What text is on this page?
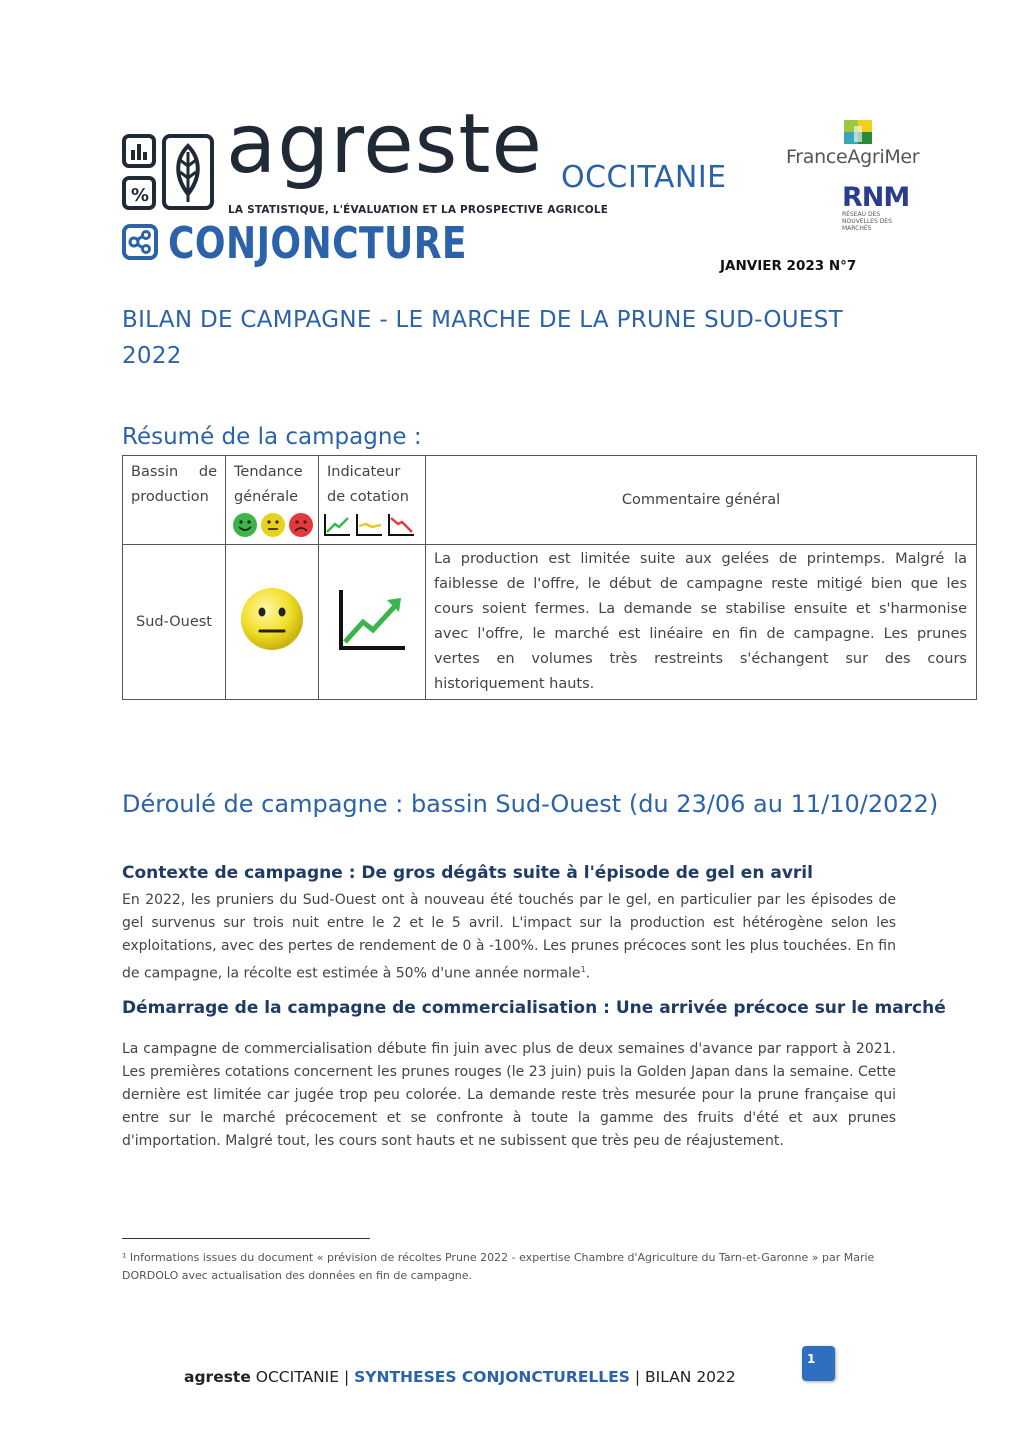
%
agreste
LA STATISTIQUE, L'ÉVALUATION ET LA PROSPECTIVE AGRICOLE
OCCITANIE
CONJONCTURE
FranceAgriMer
RNM
RÉSEAU DES NOUVELLES DES MARCHÉS
JANVIER 2023 N°7
BILAN DE CAMPAGNE - LE MARCHE DE LA PRUNE SUD-OUEST 2022
Résumé de la campagne :
Bassin de production	Tendance générale	Indicateur de cotation	Commentaire général
Sud-Ouest			La production est limitée suite aux gelées de printemps. Malgré la faiblesse de l'offre, le début de campagne reste mitigé bien que les cours soient fermes. La demande se stabilise ensuite et s'harmonise avec l'offre, le marché est linéaire en fin de campagne. Les prunes vertes en volumes très restreints s'échangent sur des cours historiquement hauts.
Déroulé de campagne : bassin Sud-Ouest (du 23/06 au 11/10/2022)
Contexte de campagne : De gros dégâts suite à l'épisode de gel en avril
En 2022, les pruniers du Sud-Ouest ont à nouveau été touchés par le gel, en particulier par les épisodes de gel survenus sur trois nuit entre le 2 et le 5 avril. L'impact sur la production est hétérogène selon les exploitations, avec des pertes de rendement de 0 à -100%. Les prunes précoces sont les plus touchées. En fin de campagne, la récolte est estimée à 50% d'une année normale$^1$.
Démarrage de la campagne de commercialisation : Une arrivée précoce sur le marché
La campagne de commercialisation débute fin juin avec plus de deux semaines d'avance par rapport à 2021. Les premières cotations concernent les prunes rouges (le 23 juin) puis la Golden Japan dans la semaine. Cette dernière est limitée car jugée trop peu colorée. La demande reste très mesurée pour la prune française qui entre sur le marché précocement et se confronte à toute la gamme des fruits d'été et aux prunes d'importation. Malgré tout, les cours sont hauts et ne subissent que très peu de réajustement.
¹ Informations issues du document « prévision de récoltes Prune 2022 - expertise Chambre d'Agriculture du Tarn-et-Garonne » par Marie DORDOLO avec actualisation des données en fin de campagne.
agreste OCCITANIE | SYNTHESES CONJONCTURELLES | BILAN 2022
1
